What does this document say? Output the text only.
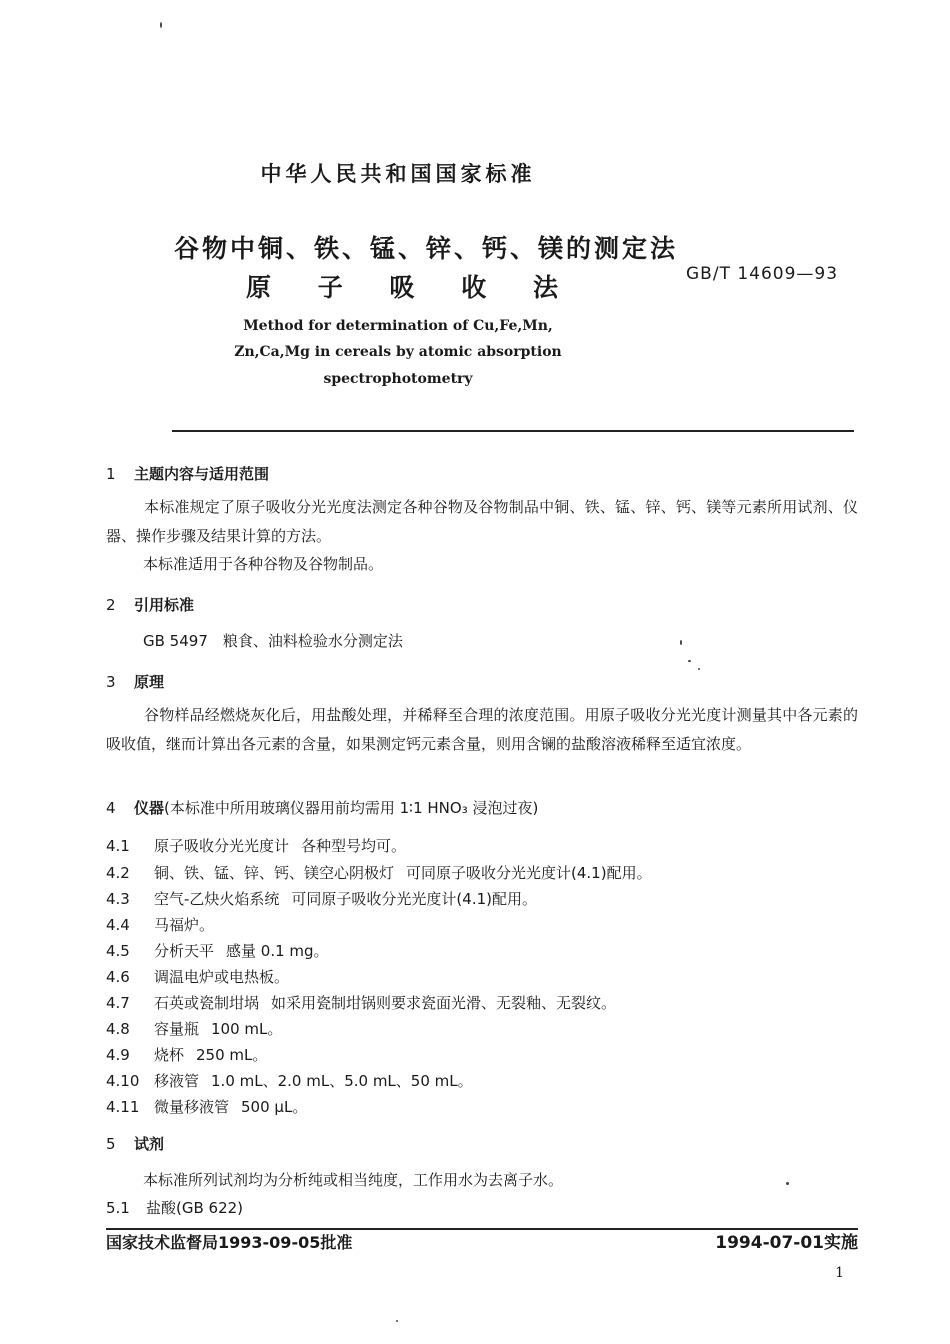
中华人民共和国国家标准
谷物中铜、铁、锰、锌、钙、镁的测定法
原 子 吸 收 法	GB/T 14609—93
Method for determination of Cu,Fe,Mn,
Zn,Ca,Mg in cereals by atomic absorption
spectrophotometry
1 主题内容与适用范围
本标准规定了原子吸收分光光度法测定各种谷物及谷物制品中铜、铁、锰、锌、钙、镁等元素所用试剂、仪器、操作步骤及结果计算的方法。
本标准适用于各种谷物及谷物制品。
2 引用标准
GB 5497　粮食、油料检验水分测定法
3 原理
谷物样品经燃烧灰化后，用盐酸处理，并稀释至合理的浓度范围。用原子吸收分光光度计测量其中各元素的吸收值，继而计算出各元素的含量，如果测定钙元素含量，则用含镧的盐酸溶液稀释至适宜浓度。
4 仪器(本标准中所用玻璃仪器用前均需用 1∶1 HNO₃ 浸泡过夜)
4.1 原子吸收分光光度计 各种型号均可。
4.2 铜、铁、锰、锌、钙、镁空心阴极灯 可同原子吸收分光光度计(4.1)配用。
4.3 空气-乙炔火焰系统 可同原子吸收分光光度计(4.1)配用。
4.4 马福炉。
4.5 分析天平 感量 0.1 mg。
4.6 调温电炉或电热板。
4.7 石英或瓷制坩埚 如采用瓷制坩锅则要求瓷面光滑、无裂釉、无裂纹。
4.8 容量瓶 100 mL。
4.9 烧杯 250 mL。
4.10 移液管 1.0 mL、2.0 mL、5.0 mL、50 mL。
4.11 微量移液管 500 μL。
5 试剂
本标准所列试剂均为分析纯或相当纯度，工作用水为去离子水。
5.1 盐酸(GB 622)
国家技术监督局1993-09-05批准	1994-07-01实施
1
